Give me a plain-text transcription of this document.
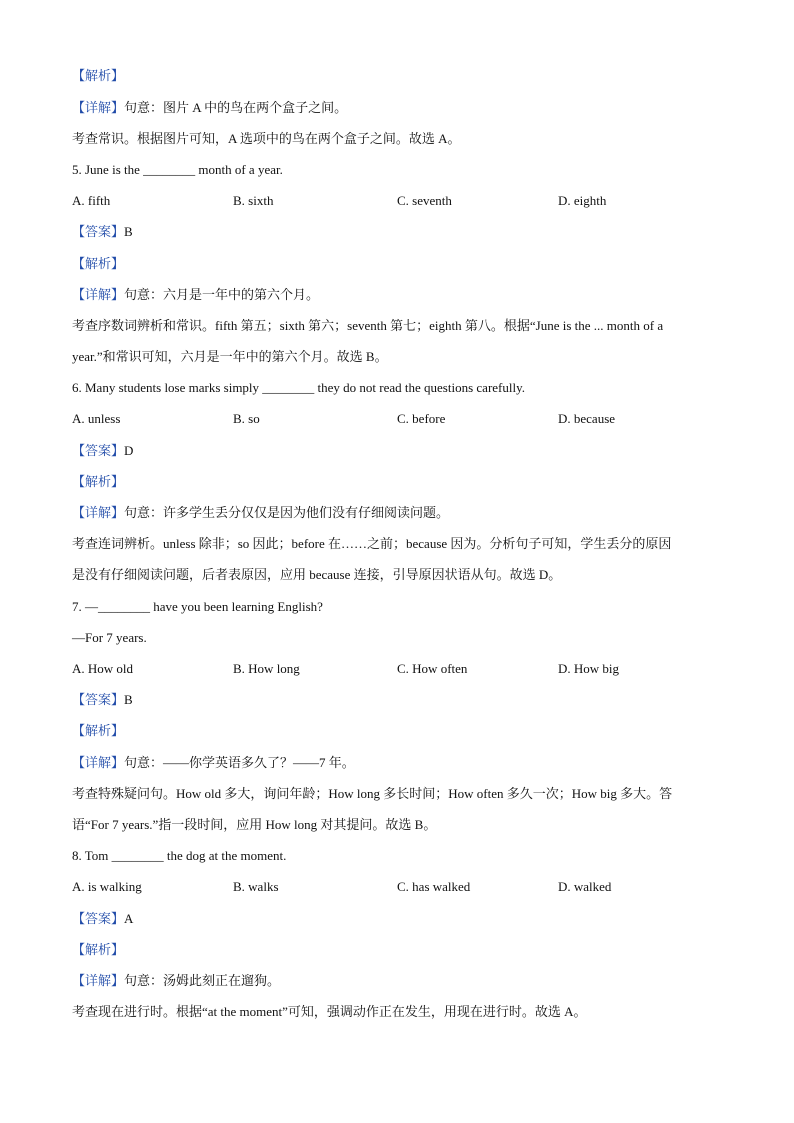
【解析】
【详解】句意：图片 A 中的鸟在两个盒子之间。
考查常识。根据图片可知，A 选项中的鸟在两个盒子之间。故选 A。
5. June is the ________ month of a year.
A. fifth	B. sixth	C. seventh	D. eighth
【答案】B
【解析】
【详解】句意：六月是一年中的第六个月。
考查序数词辨析和常识。fifth 第五；sixth 第六；seventh 第七；eighth 第八。根据“June is the ... month of a
year.”和常识可知，六月是一年中的第六个月。故选 B。
6. Many students lose marks simply ________ they do not read the questions carefully.
A. unless	B. so	C. before	D. because
【答案】D
【解析】
【详解】句意：许多学生丢分仅仅是因为他们没有仔细阅读问题。
考查连词辨析。unless 除非；so 因此；before 在……之前；because 因为。分析句子可知，学生丢分的原因
是没有仔细阅读问题，后者表原因，应用 because 连接，引导原因状语从句。故选 D。
7. —________ have you been learning English?
—For 7 years.
A. How old	B. How long	C. How often	D. How big
【答案】B
【解析】
【详解】句意：——你学英语多久了？——7 年。
考查特殊疑问句。How old 多大，询问年龄；How long 多长时间；How often 多久一次；How big 多大。答
语“For 7 years.”指一段时间，应用 How long 对其提问。故选 B。
8. Tom ________ the dog at the moment.
A. is walking	B. walks	C. has walked	D. walked
【答案】A
【解析】
【详解】句意：汤姆此刻正在遛狗。
考查现在进行时。根据“at the moment”可知，强调动作正在发生，用现在进行时。故选 A。
